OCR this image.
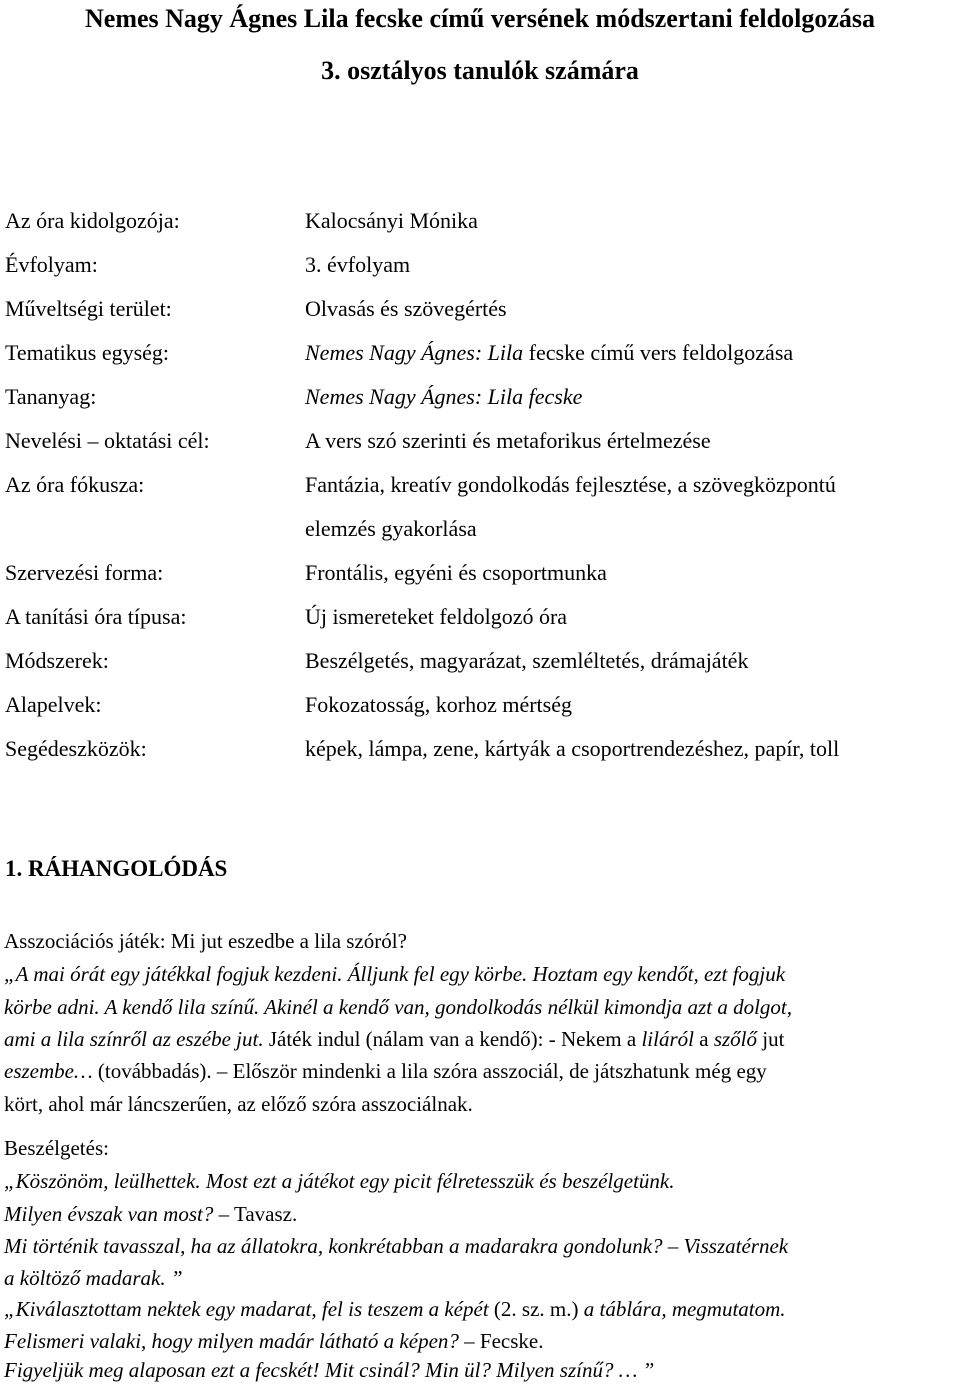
Nemes Nagy Ágnes Lila fecske című versének módszertani feldolgozása
3. osztályos tanulók számára
Az óra kidolgozója:	Kalocsányi Mónika
Évfolyam:	3. évfolyam
Műveltségi terület:	Olvasás és szövegértés
Tematikus egység:	Nemes Nagy Ágnes: Lila fecske című vers feldolgozása
Tananyag:	Nemes Nagy Ágnes: Lila fecske
Nevelési – oktatási cél:	A vers szó szerinti és metaforikus értelmezése
Az óra fókusza:	Fantázia, kreatív gondolkodás fejlesztése, a szövegközpontú
elemzés gyakorlása
Szervezési forma:	Frontális, egyéni és csoportmunka
A tanítási óra típusa:	Új ismereteket feldolgozó óra
Módszerek:	Beszélgetés, magyarázat, szemléltetés, drámajáték
Alapelvek:	Fokozatosság, korhoz mértség
Segédeszközök:	képek, lámpa, zene, kártyák a csoportrendezéshez, papír, toll
1. RÁHANGOLÓDÁS
Asszociációs játék: Mi jut eszedbe a lila szóról?
„A mai órát egy játékkal fogjuk kezdeni. Álljunk fel egy körbe. Hoztam egy kendőt, ezt fogjuk
körbe adni. A kendő lila színű. Akinél a kendő van, gondolkodás nélkül kimondja azt a dolgot,
ami a lila színről az eszébe jut. Játék indul (nálam van a kendő): - Nekem a liláról a szőlő jut
eszembe… (továbbadás). – Először mindenki a lila szóra asszociál, de játszhatunk még egy
kört, ahol már láncszerűen, az előző szóra asszociálnak.
Beszélgetés:
„Köszönöm, leülhettek. Most ezt a játékot egy picit félretesszük és beszélgetünk.
Milyen évszak van most? – Tavasz.
Mi történik tavasszal, ha az állatokra, konkrétabban a madarakra gondolunk? – Visszatérnek
a költöző madarak. ”
„Kiválasztottam nektek egy madarat, fel is teszem a képét (2. sz. m.) a táblára, megmutatom.
Felismeri valaki, hogy milyen madár látható a képen? – Fecske.
Figyeljük meg alaposan ezt a fecskét! Mit csinál? Min ül? Milyen színű? … ”
